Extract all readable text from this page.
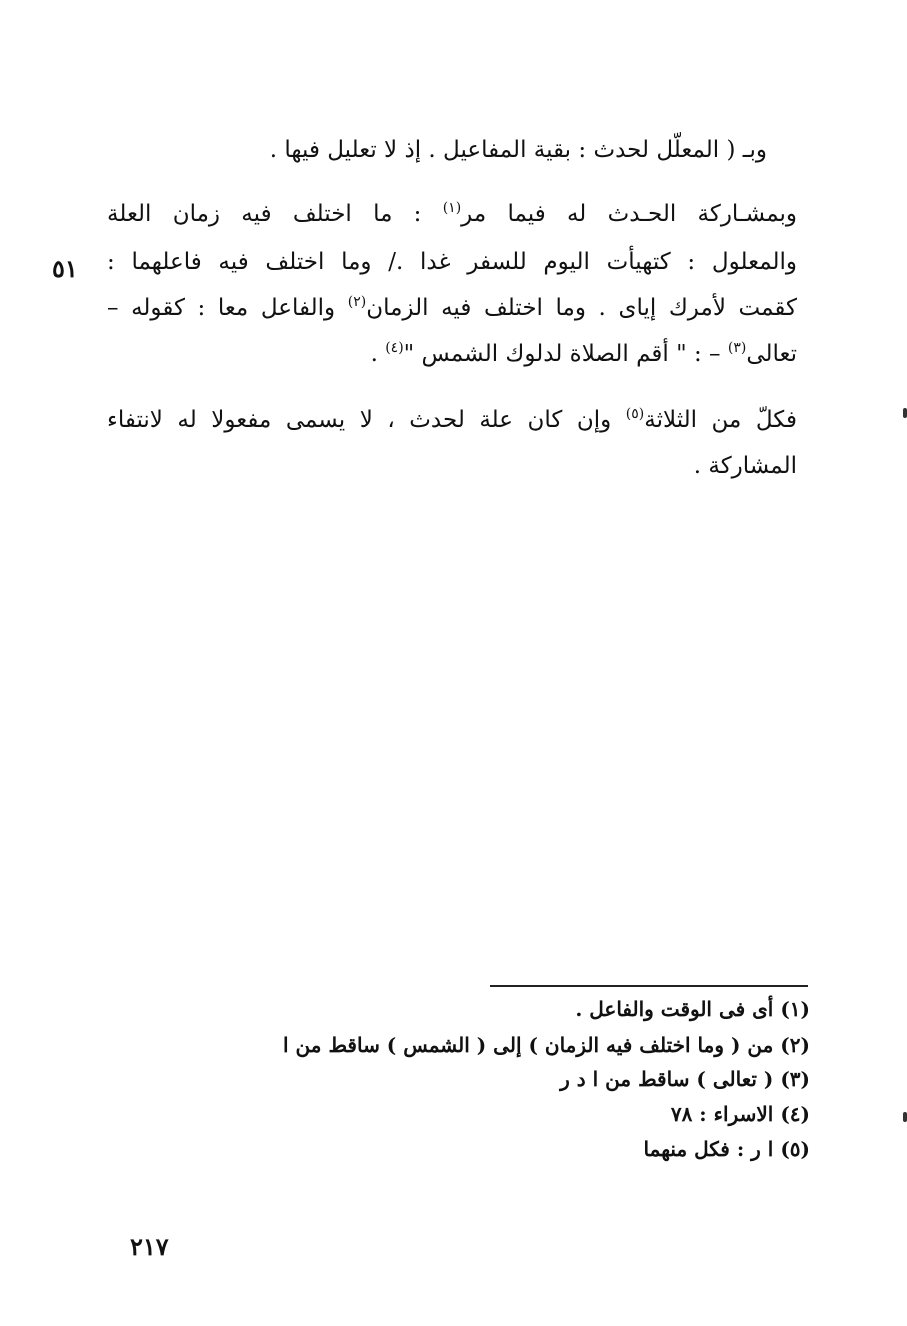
وبـ ( المعلّل لحدث : بقية المفاعيل . إذ لا تعليل فيها .
وبمشـاركة الحـدث له فيما مر$^{(١)}$ : ما اختلف فيه زمان العلة
والمعلول : كتهيأت اليوم للسفر غدا ./ وما اختلف فيه فاعلهما :
كقمت لأمرك إياى . وما اختلف فيه الزمان$^{(٢)}$ والفاعل معا : كقوله –
تعالى$^{(٣)}$ – : " أقم الصلاة لدلوك الشمس "$^{(٤)}$ .
فكلّ من الثلاثة$^{(٥)}$ وإن كان علة لحدث ، لا يسمى مفعولا له لانتفاء
المشاركة .
٥١
(١) أى فى الوقت والفاعل .
(٢) من ( وما اختلف فيه الزمان ) إلى ( الشمس ) ساقط من ا
(٣) ( تعالى ) ساقط من ا د ر
(٤) الاسراء : ٧٨
(٥) ا ر : فكل منهما
٢١٧
